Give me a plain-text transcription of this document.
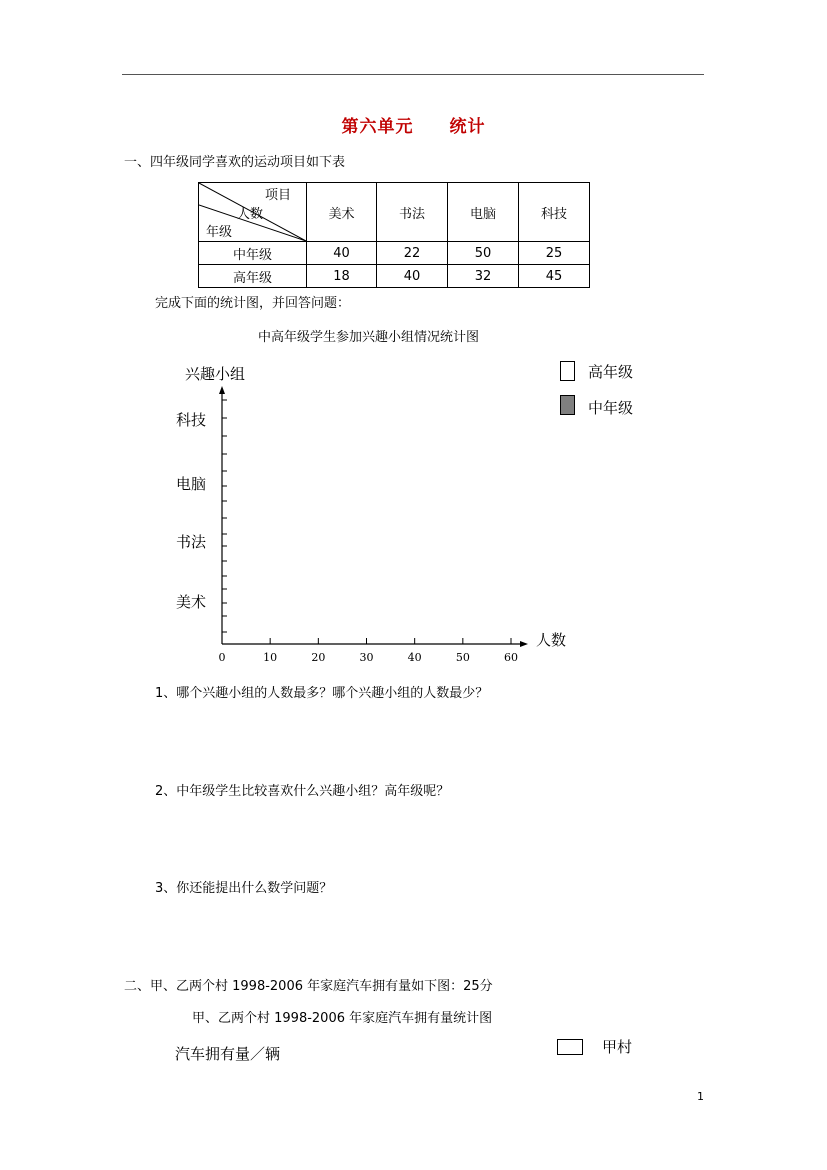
第六单元　　统计
一、四年级同学喜欢的运动项目如下表
项目
人数
年级	美术	书法	电脑	科技
中年级	40	22	50	25
高年级	18	40	32	45
完成下面的统计图，并回答问题：
中高年级学生参加兴趣小组情况统计图
兴趣小组
科技
电脑
书法
美术
人数
0	10	20	30	40	50	60
高年级
中年级
1、哪个兴趣小组的人数最多？哪个兴趣小组的人数最少？
2、中年级学生比较喜欢什么兴趣小组？高年级呢？
3、你还能提出什么数学问题？
二、甲、乙两个村 1998-2006 年家庭汽车拥有量如下图：25分
甲、乙两个村 1998-2006 年家庭汽车拥有量统计图
汽车拥有量／辆	甲村
1
